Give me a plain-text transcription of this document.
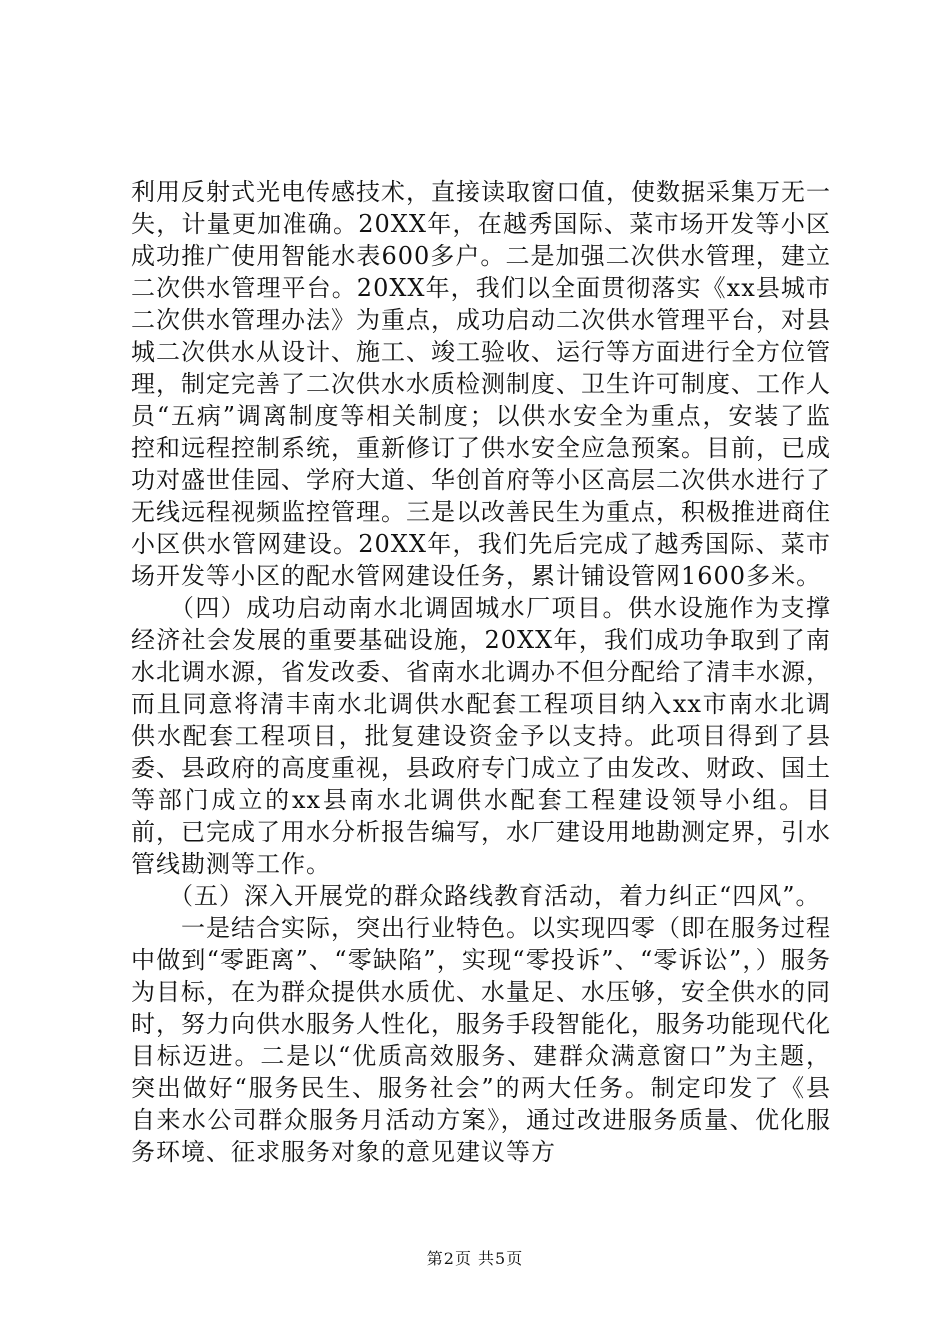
利用反射式光电传感技术，直接读取窗口值，使数据采集万无一失，计量更加准确。20XX年，在越秀国际、菜市场开发等小区成功推广使用智能水表600多户。二是加强二次供水管理，建立二次供水管理平台。20XX年，我们以全面贯彻落实《xx县城市二次供水管理办法》为重点，成功启动二次供水管理平台，对县城二次供水从设计、施工、竣工验收、运行等方面进行全方位管理，制定完善了二次供水水质检测制度、卫生许可制度、工作人员“五病”调离制度等相关制度；以供水安全为重点，安装了监控和远程控制系统，重新修订了供水安全应急预案。目前，已成功对盛世佳园、学府大道、华创首府等小区高层二次供水进行了无线远程视频监控管理。三是以改善民生为重点，积极推进商住小区供水管网建设。20XX年，我们先后完成了越秀国际、菜市场开发等小区的配水管网建设任务，累计铺设管网1600多米。

　　（四）成功启动南水北调固城水厂项目。供水设施作为支撑经济社会发展的重要基础设施，20XX年，我们成功争取到了南水北调水源，省发改委、省南水北调办不但分配给了清丰水源，而且同意将清丰南水北调供水配套工程项目纳入xx市南水北调供水配套工程项目，批复建设资金予以支持。此项目得到了县委、县政府的高度重视，县政府专门成立了由发改、财政、国土等部门成立的xx县南水北调供水配套工程建设领导小组。目前，已完成了用水分析报告编写，水厂建设用地勘测定界，引水管线勘测等工作。

　　（五）深入开展党的群众路线教育活动，着力纠正“四风”。

　　一是结合实际，突出行业特色。以实现四零（即在服务过程中做到“零距离”、“零缺陷”，实现“零投诉”、“零诉讼”，）服务为目标，在为群众提供水质优、水量足、水压够，安全供水的同时，努力向供水服务人性化，服务手段智能化，服务功能现代化目标迈进。二是以“优质高效服务、建群众满意窗口”为主题，突出做好“服务民生、服务社会”的两大任务。制定印发了《县自来水公司群众服务月活动方案》，通过改进服务质量、优化服务环境、征求服务对象的意见建议等方

第2页 共5页
